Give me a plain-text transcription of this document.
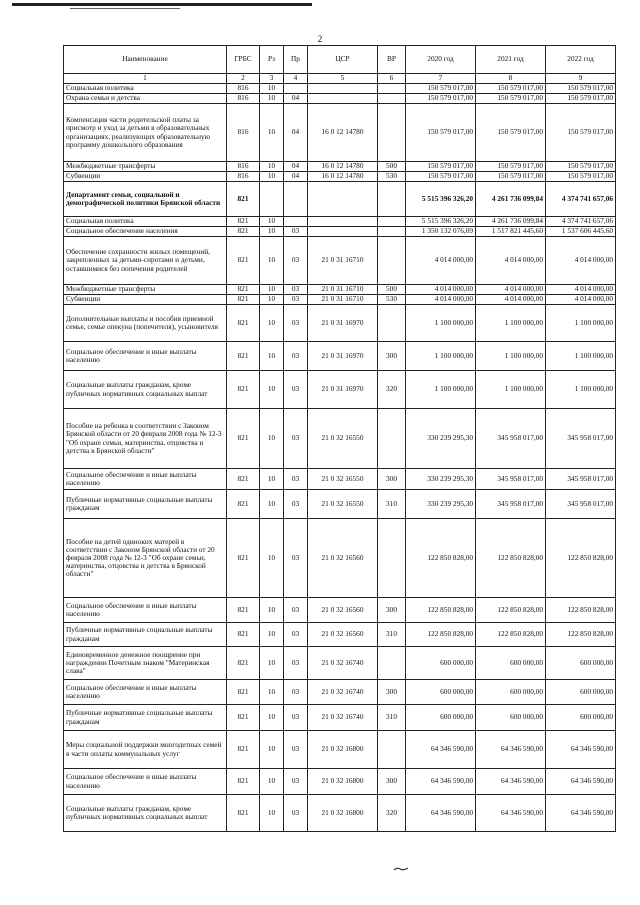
2
Наименование	ГРБС	Рз	Пр	ЦСР	ВР	2020 год	2021 год	2022 год
1	2	3	4	5	6	7	8	9
Социальная политика	816	10				150 579 017,00	150 579 017,00	150 579 017,00
Охрана семьи и детства	816	10	04			150 579 017,00	150 579 017,00	150 579 017,00
Компенсация части родительской платы за присмотр и уход за детьми в образовательных организациях, реализующих образовательную программу дошкольного образования	816	10	04	16 0 12 14780		150 579 017,00	150 579 017,00	150 579 017,00
Межбюджетные трансферты	816	10	04	16 0 12 14780	500	150 579 017,00	150 579 017,00	150 579 017,00
Субвенции	816	10	04	16 0 12 14780	530	150 579 017,00	150 579 017,00	150 579 017,00
Департамент семьи, социальной и демографической политики Брянской области	821					5 515 396 326,20	4 261 736 099,84	4 374 741 657,06
Социальная политика	821	10				5 515 396 326,20	4 261 736 099,84	4 374 741 657,06
Социальное обеспечение населения	821	10	03			1 350 132 076,09	1 517 821 445,60	1 537 606 445,60
Обеспечение сохранности жилых помещений, закрепленных за детьми-сиротами и детьми, оставшимися без попечения родителей	821	10	03	21 0 31 16710		4 014 000,00	4 014 000,00	4 014 000,00
Межбюджетные трансферты	821	10	03	21 0 31 16710	500	4 014 000,00	4 014 000,00	4 014 000,00
Субвенции	821	10	03	21 0 31 16710	530	4 014 000,00	4 014 000,00	4 014 000,00
Дополнительные выплаты и пособия приемной семье, семье опекуна (попечителя), усыновителя	821	10	03	21 0 31 16970		1 100 000,00	1 100 000,00	1 100 000,00
Социальное обеспечение и иные выплаты населению	821	10	03	21 0 31 16970	300	1 100 000,00	1 100 000,00	1 100 000,00
Социальные выплаты гражданам, кроме публичных нормативных социальных выплат	821	10	03	21 0 31 16970	320	1 100 000,00	1 100 000,00	1 100 000,00
Пособие на ребенка в соответствии с Законом Брянской области от 20 февраля 2008 года № 12-3 "Об охране семьи, материнства, отцовства и детства в Брянской области"	821	10	03	21 0 32 16550		330 239 295,30	345 958 017,00	345 958 017,00
Социальное обеспечение и иные выплаты населению	821	10	03	21 0 32 16550	300	330 239 295,30	345 958 017,00	345 958 017,00
Публичные нормативные социальные выплаты гражданам	821	10	03	21 0 32 16550	310	330 239 295,30	345 958 017,00	345 958 017,00
Пособие на детей одиноких матерей в соответствии с Законом Брянской области от 20 февраля 2008 года № 12-3 "Об охране семьи, материнства, отцовства и детства в Брянской области"	821	10	03	21 0 32 16560		122 850 828,00	122 850 828,00	122 850 828,00
Социальное обеспечение и иные выплаты населению	821	10	03	21 0 32 16560	300	122 850 828,00	122 850 828,00	122 850 828,00
Публичные нормативные социальные выплаты гражданам	821	10	03	21 0 32 16560	310	122 850 828,00	122 850 828,00	122 850 828,00
Единовременное денежное поощрение при награждении Почетным знаком "Материнская слава"	821	10	03	21 0 32 16740		600 000,00	600 000,00	600 000,00
Социальное обеспечение и иные выплаты населению	821	10	03	21 0 32 16740	300	600 000,00	600 000,00	600 000,00
Публичные нормативные социальные выплаты гражданам	821	10	03	21 0 32 16740	310	600 000,00	600 000,00	600 000,00
Меры социальной поддержки многодетных семей в части оплаты коммунальных услуг	821	10	03	21 0 32 16800		64 346 590,00	64 346 590,00	64 346 590,00
Социальное обеспечение и иные выплаты населению	821	10	03	21 0 32 16800	300	64 346 590,00	64 346 590,00	64 346 590,00
Социальные выплаты гражданам, кроме публичных нормативных социальных выплат	821	10	03	21 0 32 16800	320	64 346 590,00	64 346 590,00	64 346 590,00
